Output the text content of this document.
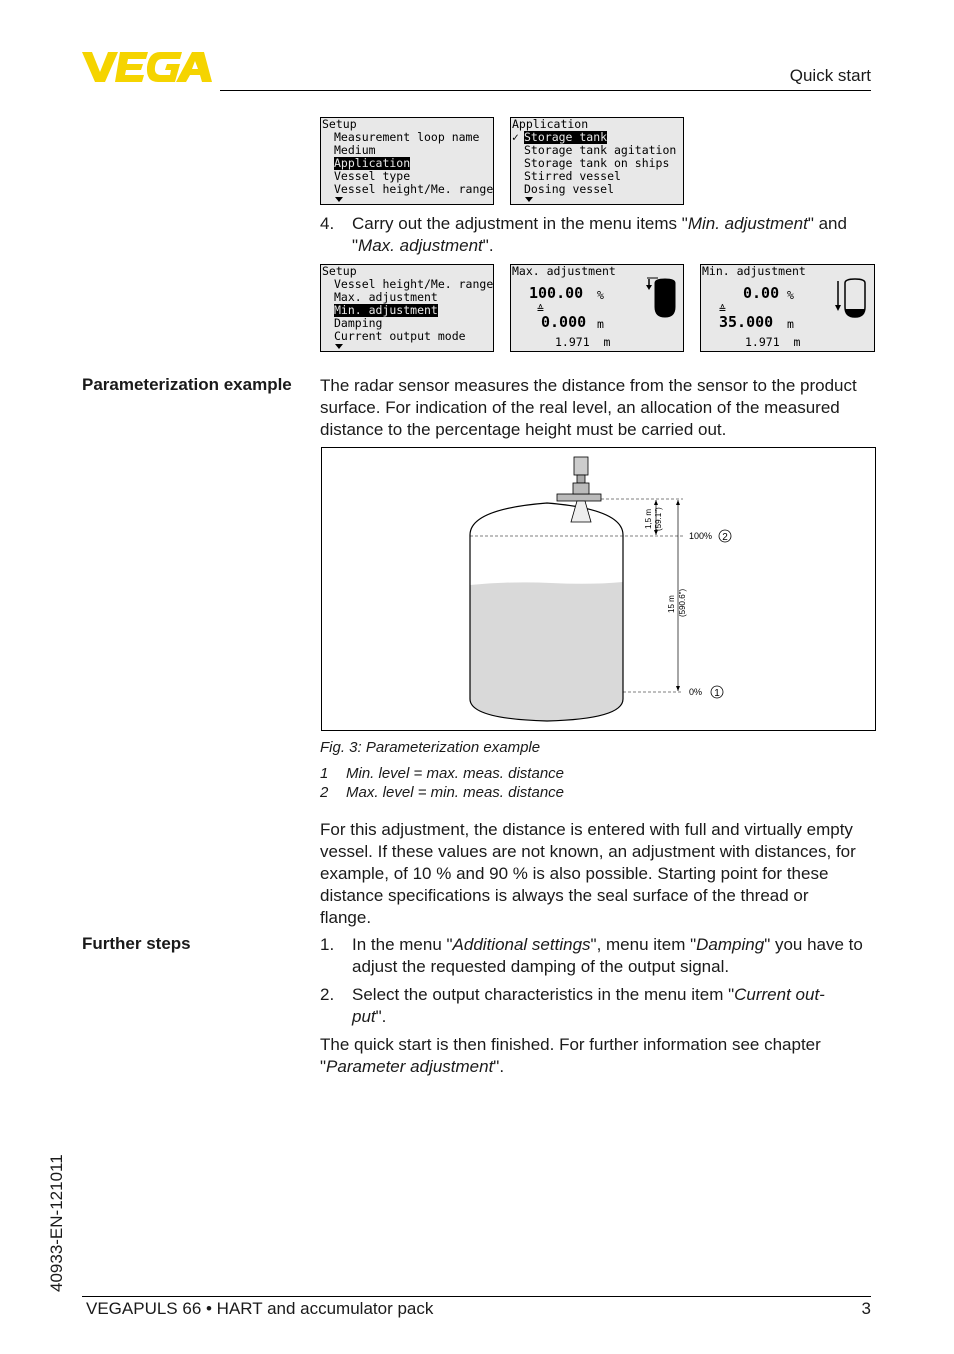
Quick start
Setup
Measurement loop name
Medium
Application
Vessel type
Vessel height/Me. range
Application
✓ Storage tank
Storage tank agitation
Storage tank on ships
Stirred vessel
Dosing vessel
4. Carry out the adjustment in the menu items "Min. adjustment" and "Max. adjustment".
Setup
Vessel height/Me. range
Max. adjustment
Min. adjustment
Damping
Current output mode
Max. adjustment
100.00 %
≙
0.000 m
1.971  m
Min. adjustment
0.00 %
≙
35.000 m
1.971  m
Parameterization example The radar sensor measures the distance from the sensor to the product surface. For indication of the real level, an allocation of the measured distance to the percentage height must be carried out.
1,5 m (59.1")
15 m (590.6")
100%
0%
2
1
Fig. 3: Parameterization example
1 Min. level = max. meas. distance
2 Max. level = min. meas. distance
For this adjustment, the distance is entered with full and virtually empty vessel. If these values are not known, an adjustment with distances, for example, of 10 % and 90 % is also possible. Starting point for these distance specifications is always the seal surface of the thread or flange.
Further steps	1. In the menu "Additional settings", menu item "Damping" you have to adjust the requested damping of the output signal.
2. Select the output characteristics in the menu item "Current out-put".
The quick start is then finished. For further information see chapter "Parameter adjustment".
40933-EN-121011
VEGAPULS 66 • HART and accumulator pack	3
